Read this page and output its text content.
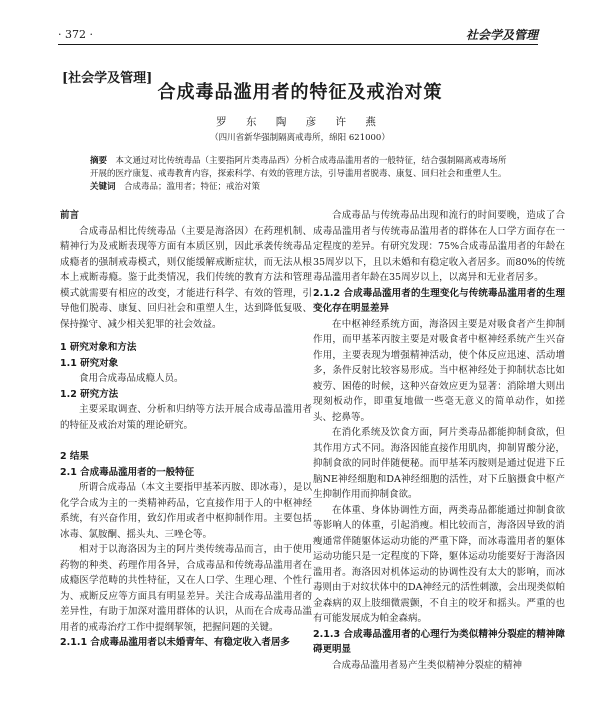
· 372 ·	社会学及管理
[社会学及管理]
合成毒品滥用者的特征及戒治对策
罗 东 陶 彦 许 燕
（四川省新华强制隔离戒毒所，绵阳 621000）
摘要　 本文通过对比传统毒品（主要指阿片类毒品西）分析合成毒品滥用者的一般特征，结合强制隔离戒毒场所开展的医疗康复、戒毒教育内容，探索科学、有效的管理方法，引导滥用者脱毒、康复、回归社会和重塑人生。
关键词　 合成毒品；滥用者；特征；戒治对策

前言

合成毒品相比传统毒品（主要是海洛因）在药理机制、精神行为及戒断表现等方面有本质区别，因此承袭传统毒品成瘾者的强制戒毒模式，则仅能缓解戒断症状，而无法从根本上戒断毒瘾。鉴于此类情况，我们传统的教育方法和管理模式就需要有相应的改变，才能进行科学、有效的管理，引导他们脱毒、康复、回归社会和重塑人生，达到降低复吸、保持操守、减少相关犯罪的社会效益。

1 研究对象和方法

1.1 研究对象

食用合成毒品成瘾人员。

1.2 研究方法

主要采取调查、分析和归纳等方法开展合成毒品滥用者的特征及戒治对策的理论研究。

2 结果

2.1 合成毒品滥用者的一般特征

所谓合成毒品（本文主要指甲基苯丙胺、即冰毒），是以化学合成为主的一类精神药品，它直接作用于人的中枢神经系统，有兴奋作用，致幻作用或者中枢抑制作用。主要包括冰毒、氯胺酮、摇头丸、三唑仑等。

相对于以海洛因为主的阿片类传统毒品而言，由于使用药物的种类、药理作用各异，合成毒品和传统毒品滥用者在成瘾医学范畴的共性特征，又在人口学、生理心理、个性行为、戒断反应等方面具有明显差异。关注合成毒品滥用者的差异性，有助于加深对滥用群体的认识，从而在合成毒品滥用者的戒毒治疗工作中提纲挈领，把握问题的关键。

2.1.1 合成毒品滥用者以未婚青年、有稳定收入者居多

合成毒品与传统毒品出现和流行的时间要晚，造成了合成毒品滥用者与传统毒品滥用者的群体在人口学方面存在一定程度的差异。有研究发现：75%合成毒品滥用者的年龄在35周岁以下，且以未婚和有稳定收入者居多。而80%的传统毒品滥用者年龄在35周岁以上，以离异和无业者居多。

2.1.2 合成毒品滥用者的生理变化与传统毒品滥用者的生理变化存在明显差异

在中枢神经系统方面，海洛因主要是对吸食者产生抑制作用，而甲基苯丙胺主要是对吸食者中枢神经系统产生兴奋作用，主要表现为增强精神活动，使个体反应迅速、活动增多，条件反射比较容易形成。当中枢神经处于抑制状态比如疲劳、困倦的时候，这种兴奋效应更为显著：消除增大则出现刻板动作，即重复地做一些毫无意义的简单动作，如搓头、挖鼻等。

在消化系统及饮食方面，阿片类毒品都能抑制食欲，但其作用方式不同。海洛因能直接作用肌肉，抑制胃酸分泌，抑制食欲的同时伴随便秘。而甲基苯丙胺则是通过促进下丘脑NE神经细胞和DA神经细胞的活性，对下丘脑摄食中枢产生抑制作用而抑制食欲。

在体重、身体协调性方面，两类毒品都能通过抑制食欲等影响人的体重，引起消瘦。相比较而言，海洛因导致的消瘦通常伴随躯体运动功能的严重下降，而冰毒滥用者的躯体运动功能只是一定程度的下降，躯体运动功能要好于海洛因滥用者。海洛因对机体运动的协调性没有太大的影响，而冰毒则由于对纹状体中的DA神经元的活性刺激，会出现类似帕金森病的双上肢细微震颤，不自主的咬牙和摇头。严重的也有可能发展成为帕金森病。

2.1.3 合成毒品滥用者的心理行为类似精神分裂症的精神障碍更明显

合成毒品滥用者易产生类似精神分裂症的精神
